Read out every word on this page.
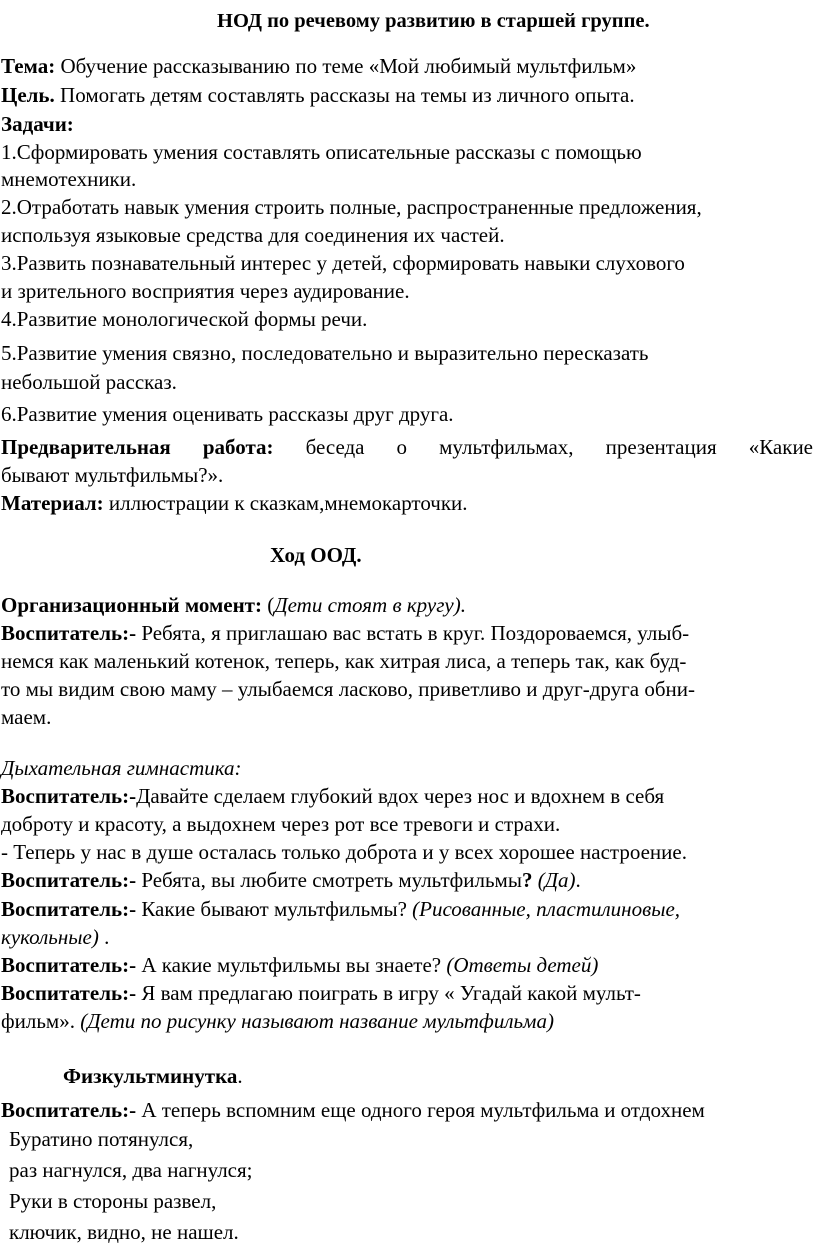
НОД по речевому развитию в старшей группе.
Тема: Обучение рассказыванию по теме «Мой любимый мультфильм»
Цель. Помогать детям составлять рассказы на темы из личного опыта.
Задачи:
1.Сформировать умения составлять описательные рассказы с помощью
мнемотехники.
2.Отработать навык умения строить полные, распространенные предложения,
используя языковые средства для соединения их частей.
3.Развить познавательный интерес у детей, сформировать навыки слухового
и зрительного восприятия через аудирование.
4.Развитие монологической формы речи.
5.Развитие умения связно, последовательно и выразительно пересказать
небольшой рассказ.
6.Развитие умения оценивать рассказы друг друга.
Предварительная работа: беседа о мультфильмах, презентация «Какие
бывают мультфильмы?».
Материал: иллюстрации к сказкам,мнемокарточки.
Ход ООД.
Организационный момент: (Дети стоят в кругу).
Воспитатель:- Ребята, я приглашаю вас встать в круг. Поздороваемся, улыб-
немся как маленький котенок, теперь, как хитрая лиса, а теперь так, как буд-
то мы видим свою маму – улыбаемся ласково, приветливо и друг-друга обни-
маем.
Дыхательная гимнастика:
Воспитатель:-Давайте сделаем глубокий вдох через нос и вдохнем в себя
доброту и красоту, а выдохнем через рот все тревоги и страхи.
- Теперь у нас в душе осталась только доброта и у всех хорошее настроение.
Воспитатель:- Ребята, вы любите смотреть мультфильмы? (Да).
Воспитатель:- Какие бывают мультфильмы? (Рисованные, пластилиновые,
кукольные) .
Воспитатель:- А какие мультфильмы вы знаете? (Ответы детей)
Воспитатель:- Я вам предлагаю поиграть в игру « Угадай какой мульт-
фильм». (Дети по рисунку называют название мультфильма)
Физкультминутка.
Воспитатель:- А теперь вспомним еще одного героя мультфильма и отдохнем
Буратино потянулся,
раз нагнулся, два нагнулся;
Руки в стороны развел,
ключик, видно, не нашел.
